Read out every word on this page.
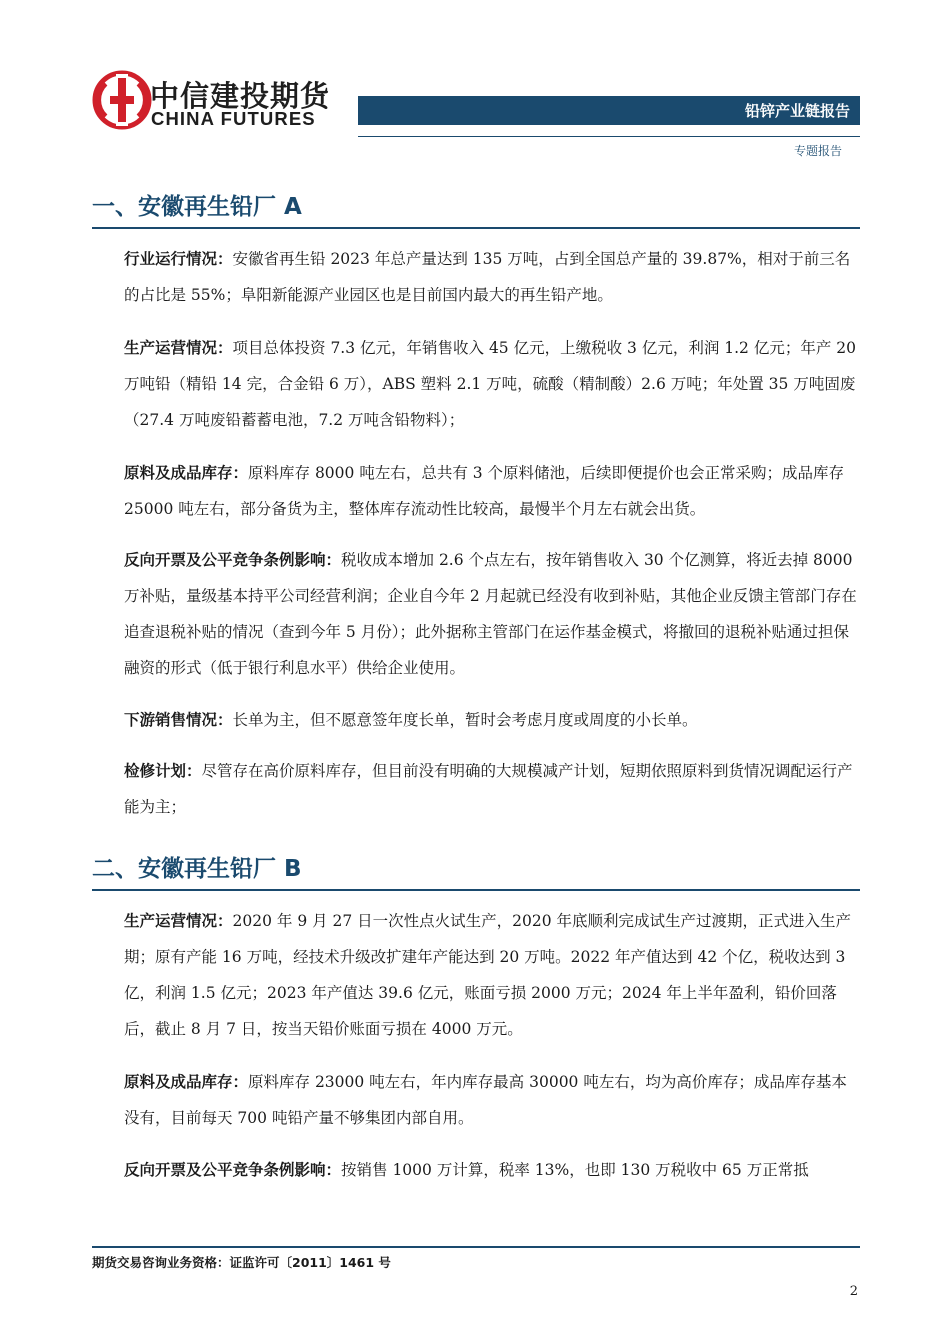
中信建投期货
CHINA FUTURES	铅锌产业链报告
专题报告
一、安徽再生铅厂 A
行业运行情况：安徽省再生铅 2023 年总产量达到 135 万吨，占到全国总产量的 39.87%，相对于前三名的占比是 55%；阜阳新能源产业园区也是目前国内最大的再生铅产地。
生产运营情况：项目总体投资 7.3 亿元，年销售收入 45 亿元，上缴税收 3 亿元，利润 1.2 亿元；年产 20 万吨铅（精铅 14 完，合金铅 6 万），ABS 塑料 2.1 万吨，硫酸（精制酸）2.6 万吨；年处置 35 万吨固废（27.4 万吨废铅蓄蓄电池，7.2 万吨含铅物料）；
原料及成品库存：原料库存 8000 吨左右，总共有 3 个原料储池，后续即便提价也会正常采购；成品库存 25000 吨左右，部分备货为主，整体库存流动性比较高，最慢半个月左右就会出货。
反向开票及公平竞争条例影响：税收成本增加 2.6 个点左右，按年销售收入 30 个亿测算，将近去掉 8000 万补贴，量级基本持平公司经营利润；企业自今年 2 月起就已经没有收到补贴，其他企业反馈主管部门存在追查退税补贴的情况（查到今年 5 月份）；此外据称主管部门在运作基金模式，将撤回的退税补贴通过担保融资的形式（低于银行利息水平）供给企业使用。
下游销售情况：长单为主，但不愿意签年度长单，暂时会考虑月度或周度的小长单。
检修计划：尽管存在高价原料库存，但目前没有明确的大规模减产计划，短期依照原料到货情况调配运行产能为主；
二、安徽再生铅厂 B
生产运营情况：2020 年 9 月 27 日一次性点火试生产，2020 年底顺利完成试生产过渡期，正式进入生产期；原有产能 16 万吨，经技术升级改扩建年产能达到 20 万吨。2022 年产值达到 42 个亿，税收达到 3 亿，利润 1.5 亿元；2023 年产值达 39.6 亿元，账面亏损 2000 万元；2024 年上半年盈利，铅价回落后，截止 8 月 7 日，按当天铅价账面亏损在 4000 万元。
原料及成品库存：原料库存 23000 吨左右，年内库存最高 30000 吨左右，均为高价库存；成品库存基本没有，目前每天 700 吨铅产量不够集团内部自用。
反向开票及公平竞争条例影响：按销售 1000 万计算，税率 13%，也即 130 万税收中 65 万正常抵
期货交易咨询业务资格：证监许可〔2011〕1461 号
2
